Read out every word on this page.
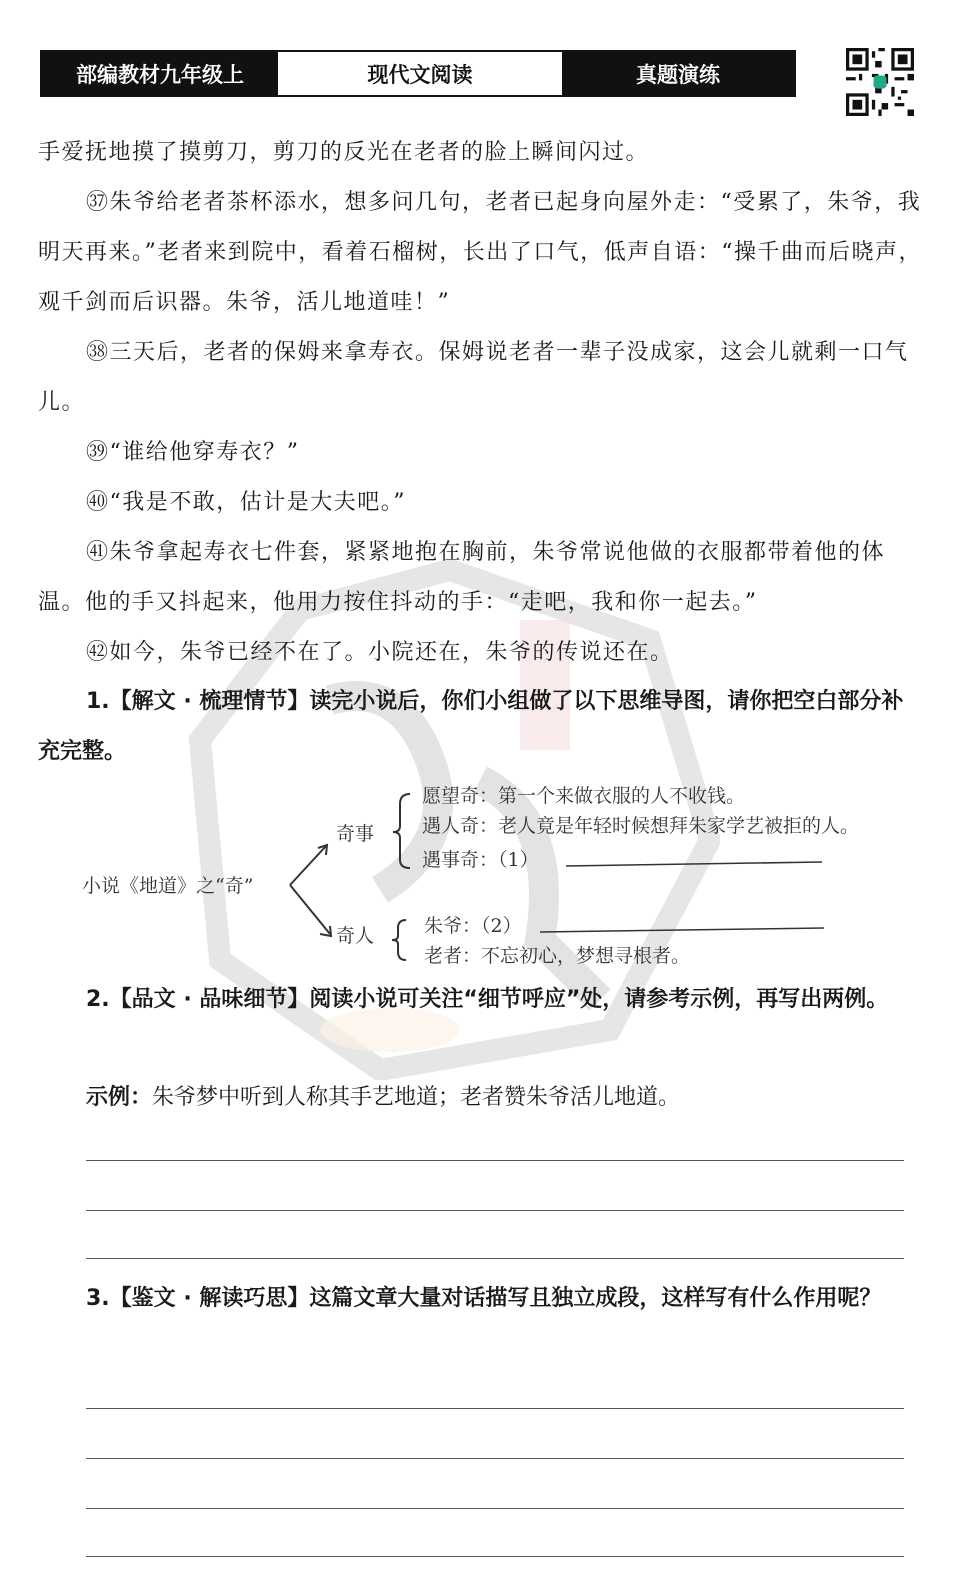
部编教材九年级上	现代文阅读	真题演练

手爱抚地摸了摸剪刀，剪刀的反光在老者的脸上瞬间闪过。

㊲朱爷给老者茶杯添水，想多问几句，老者已起身向屋外走：“受累了，朱爷，我明天再来。”老者来到院中，看着石榴树，长出了口气，低声自语：“操千曲而后晓声，观千剑而后识器。朱爷，活儿地道哇！”

㊳三天后，老者的保姆来拿寿衣。保姆说老者一辈子没成家，这会儿就剩一口气儿。

㊴“谁给他穿寿衣？”

㊵“我是不敢，估计是大夫吧。”

㊶朱爷拿起寿衣七件套，紧紧地抱在胸前，朱爷常说他做的衣服都带着他的体温。他的手又抖起来，他用力按住抖动的手：“走吧，我和你一起去。”

㊷如今，朱爷已经不在了。小院还在，朱爷的传说还在。

1.【解文 · 梳理情节】读完小说后，你们小组做了以下思维导图，请你把空白部分补充完整。

小说《地道》之“奇”
奇事
愿望奇：第一个来做衣服的人不收钱。
遇人奇：老人竟是年轻时候想拜朱家学艺被拒的人。
遇事奇：（1）
奇人	朱爷：（2）
老者：不忘初心，梦想寻根者。

2.【品文 · 品味细节】阅读小说可关注“细节呼应”处，请参考示例，再写出两例。

示例：朱爷梦中听到人称其手艺地道；老者赞朱爷活儿地道。

3.【鉴文 · 解读巧思】这篇文章大量对话描写且独立成段，这样写有什么作用呢？
